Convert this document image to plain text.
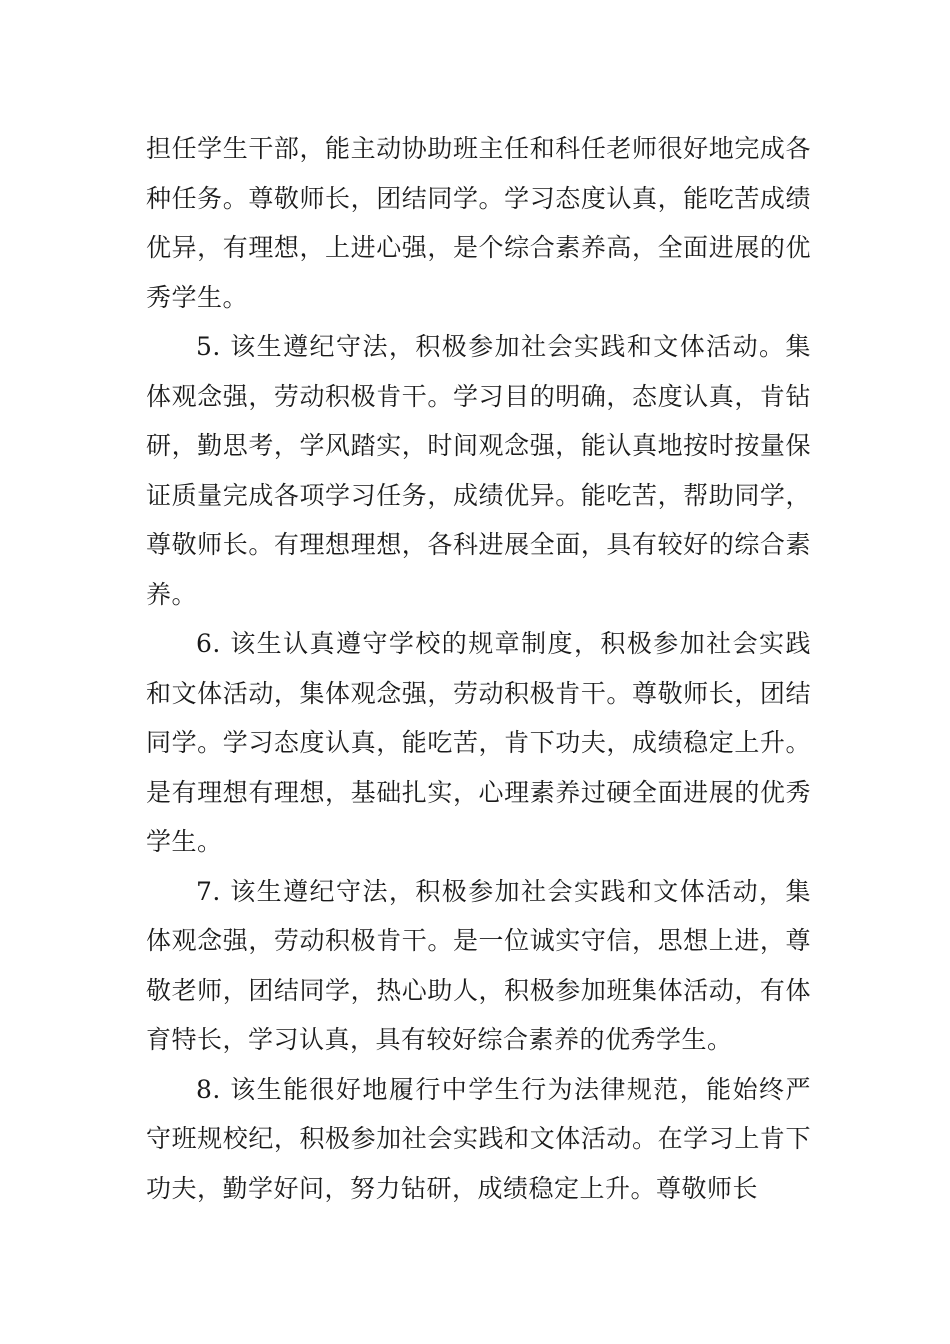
担任学生干部，能主动协助班主任和科任老师很好地完成各种任务。尊敬师长，团结同学。学习态度认真，能吃苦成绩优异，有理想，上进心强，是个综合素养高，全面进展的优秀学生。

5. 该生遵纪守法，积极参加社会实践和文体活动。集体观念强，劳动积极肯干。学习目的明确，态度认真，肯钻研，勤思考，学风踏实，时间观念强，能认真地按时按量保证质量完成各项学习任务，成绩优异。能吃苦，帮助同学，尊敬师长。有理想理想，各科进展全面，具有较好的综合素养。

6. 该生认真遵守学校的规章制度，积极参加社会实践和文体活动，集体观念强，劳动积极肯干。尊敬师长，团结同学。学习态度认真，能吃苦，肯下功夫，成绩稳定上升。是有理想有理想，基础扎实，心理素养过硬全面进展的优秀学生。

7. 该生遵纪守法，积极参加社会实践和文体活动，集体观念强，劳动积极肯干。是一位诚实守信，思想上进，尊敬老师，团结同学，热心助人，积极参加班集体活动，有体育特长，学习认真，具有较好综合素养的优秀学生。

8. 该生能很好地履行中学生行为法律规范，能始终严守班规校纪，积极参加社会实践和文体活动。在学习上肯下功夫，勤学好问，努力钻研，成绩稳定上升。尊敬师长
